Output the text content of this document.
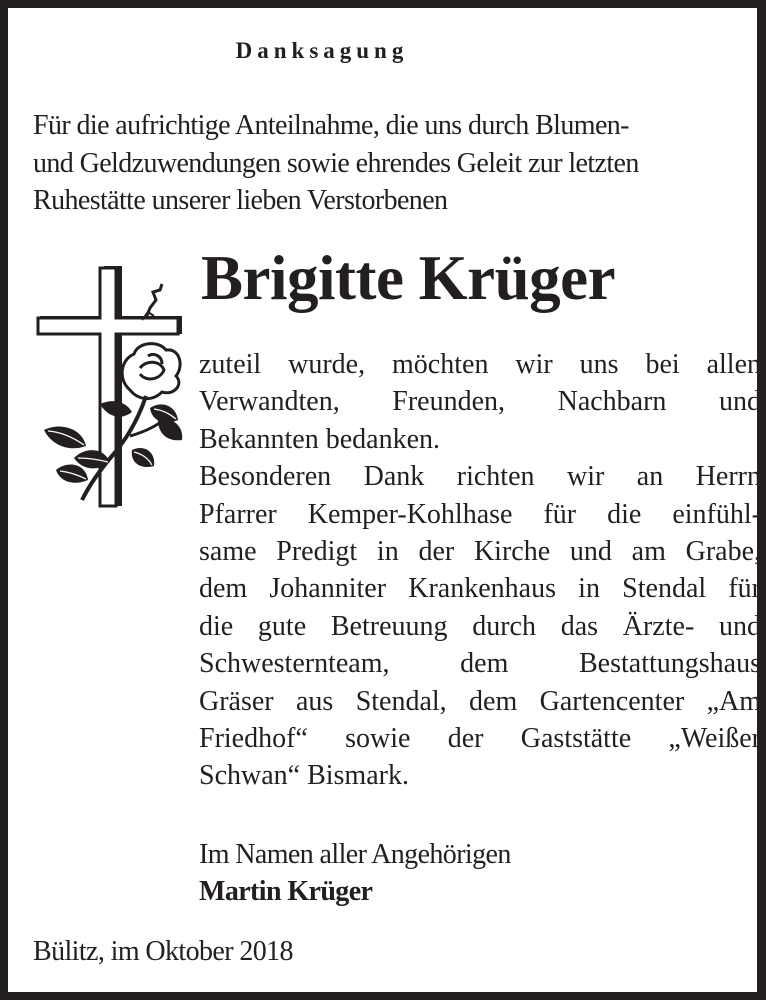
Danksagung
Für die aufrichtige Anteilnahme, die uns durch Blumen-
und Geldzuwendungen sowie ehrendes Geleit zur letzten
Ruhestätte unserer lieben Verstorbenen
Brigitte Krüger
zuteil wurde, möchten wir uns bei allen
Verwandten, Freunden, Nachbarn und
Bekannten bedanken.
Besonderen Dank richten wir an Herrn
Pfarrer Kemper-Kohlhase für die einfühl-
same Predigt in der Kirche und am Grabe,
dem Johanniter Krankenhaus in Stendal für
die gute Betreuung durch das Ärzte- und
Schwesternteam, dem Bestattungshaus
Gräser aus Stendal, dem Gartencenter „Am
Friedhof“ sowie der Gaststätte „Weißer
Schwan“ Bismark.
Im Namen aller Angehörigen
Martin Krüger
Bülitz, im Oktober 2018
